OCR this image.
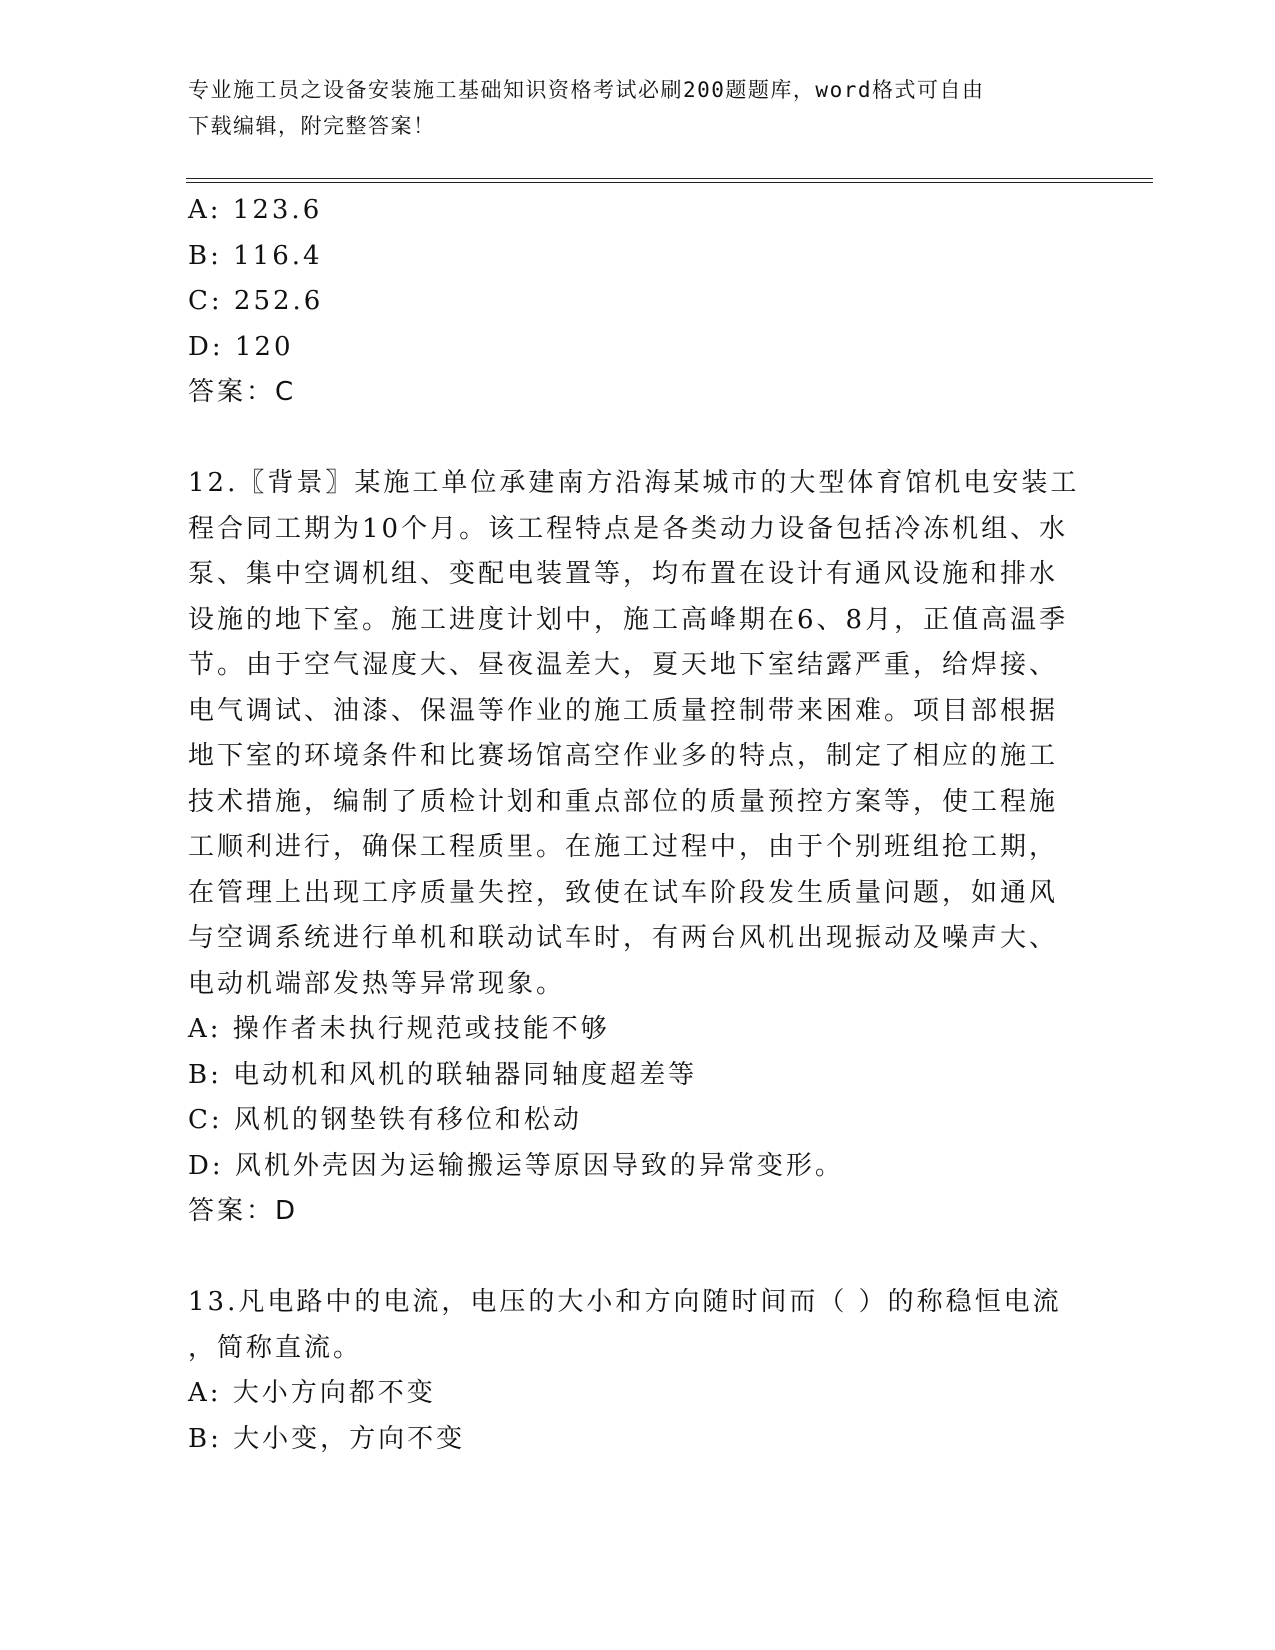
专业施工员之设备安装施工基础知识资格考试必刷200题题库，word格式可自由
下载编辑，附完整答案！
A: 123.6
B: 116.4
C: 252.6
D: 120
答案：C
12.〖背景〗某施工单位承建南方沿海某城市的大型体育馆机电安装工
程合同工期为10个月。该工程特点是各类动力设备包括冷冻机组、水
泵、集中空调机组、变配电装置等，均布置在设计有通风设施和排水
设施的地下室。施工进度计划中，施工高峰期在6、8月，正值高温季
节。由于空气湿度大、昼夜温差大，夏天地下室结露严重，给焊接、
电气调试、油漆、保温等作业的施工质量控制带来困难。项目部根据
地下室的环境条件和比赛场馆高空作业多的特点，制定了相应的施工
技术措施，编制了质检计划和重点部位的质量预控方案等，使工程施
工顺利进行，确保工程质里。在施工过程中，由于个别班组抢工期，
在管理上出现工序质量失控，致使在试车阶段发生质量问题，如通风
与空调系统进行单机和联动试车时，有两台风机出现振动及噪声大、
电动机端部发热等异常现象。
A: 操作者未执行规范或技能不够
B: 电动机和风机的联轴器同轴度超差等
C: 风机的钢垫铁有移位和松动
D: 风机外壳因为运输搬运等原因导致的异常变形。
答案：D
13.凡电路中的电流，电压的大小和方向随时间而（ ）的称稳恒电流
，简称直流。
A: 大小方向都不变
B: 大小变，方向不变
